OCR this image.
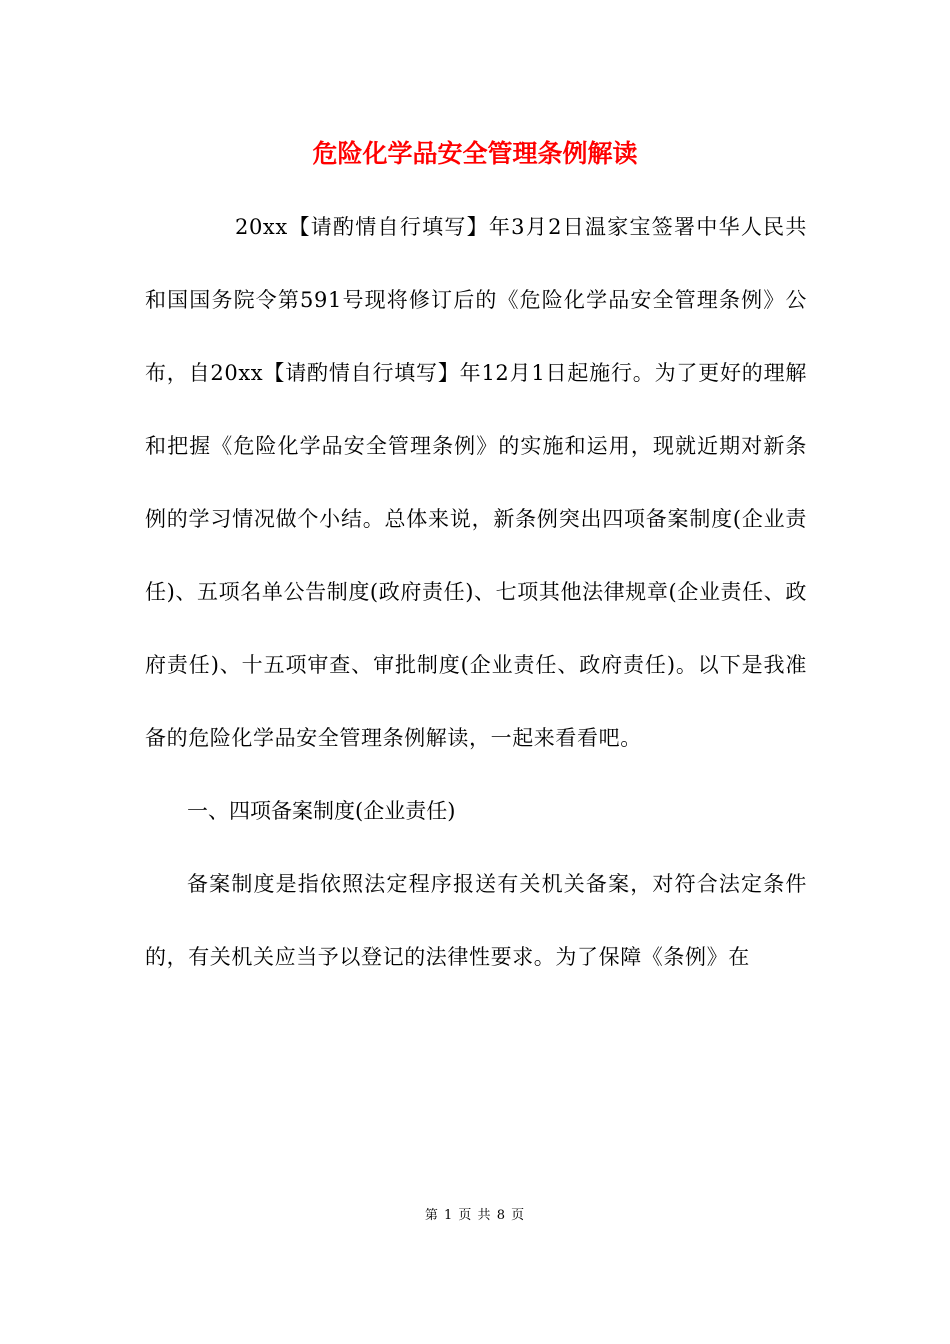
危险化学品安全管理条例解读

20xx【请酌情自行填写】年3月2日温家宝签署中华人民共和国国务院令第591号现将修订后的《危险化学品安全管理条例》公布，自20xx【请酌情自行填写】年12月1日起施行。为了更好的理解和把握《危险化学品安全管理条例》的实施和运用，现就近期对新条例的学习情况做个小结。总体来说，新条例突出四项备案制度(企业责任)、五项名单公告制度(政府责任)、七项其他法律规章(企业责任、政府责任)、十五项审查、审批制度(企业责任、政府责任)。以下是我准备的危险化学品安全管理条例解读，一起来看看吧。

一、四项备案制度(企业责任)

备案制度是指依照法定程序报送有关机关备案，对符合法定条件的，有关机关应当予以登记的法律性要求。为了保障《条例》在

第 1 页 共 8 页
